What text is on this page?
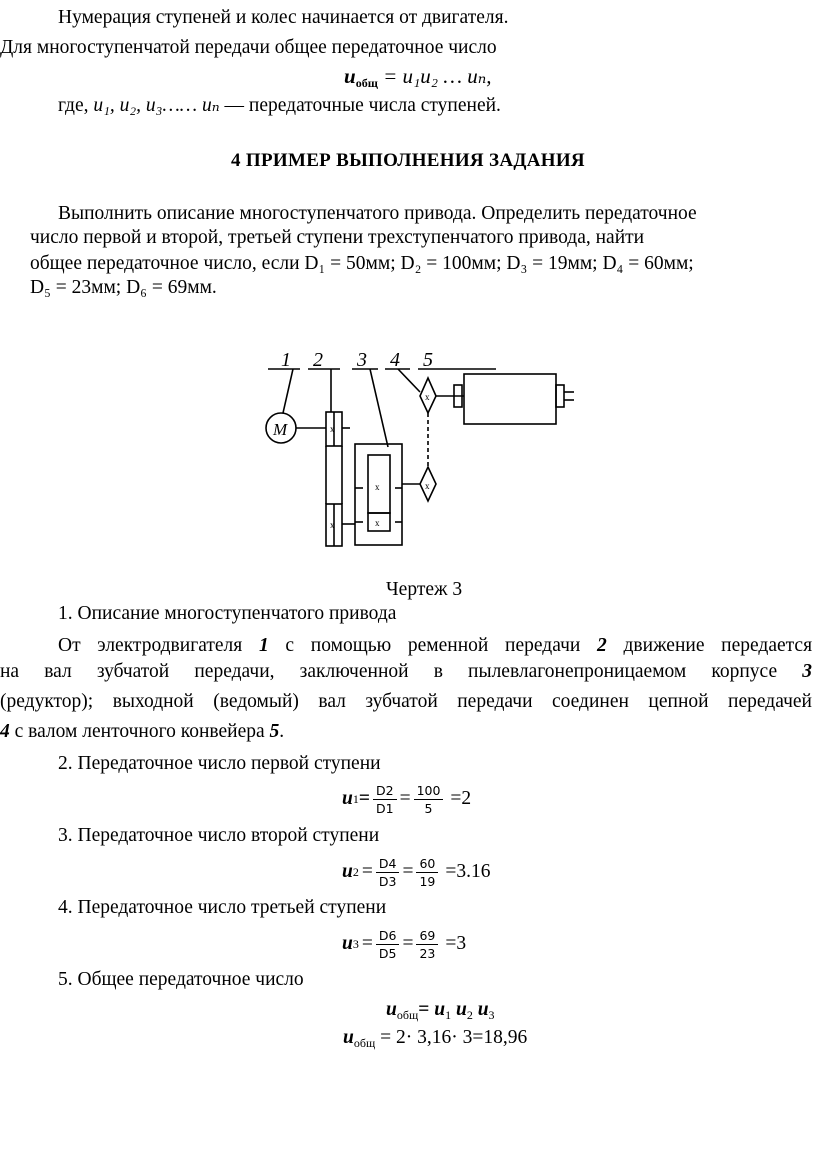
Нумерация ступеней и колес начинается от двигателя.
Для многоступенчатой передачи общее передаточное число
$u_{общ} = u_1u_2$ … uₙ,
где, u₁, u₂, u₃…… uₙ — передаточные числа ступеней.
4 ПРИМЕР ВЫПОЛНЕНИЯ ЗАДАНИЯ
Выполнить описание многоступенчатого привода. Определить передаточное
число первой и второй, третьей ступени трехступенчатого привода, найти
общее передаточное число, если D₁ = 50мм; D₂ = 100мм; D₃ = 19мм; D₄ = 60мм;
D₅ = 23мм; D₆ = 69мм.
1 2 3 4 5
М	x
x
x
x
x
x
Чертеж 3
1. Описание многоступенчатого привода
От электродвигателя 1 с помощью ременной передачи 2 движение передается
на вал зубчатой передачи, заключенной в пылевлагонепроницаемом корпусе 3
(редуктор); выходной (ведомый) вал зубчатой передачи соединен цепной передачей
4 с валом ленточного конвейера 5.
2. Передаточное число первой ступени
u $1 = \frac{D2}{D1} = \frac{100}{5} =2$
3. Передаточное число второй ступени
u $2 = \frac{D4}{D3} = \frac{60}{19} =3.16$
4. Передаточное число третьей ступени
u $3 = \frac{D6}{D5} = \frac{69}{23} =3$
5. Общее передаточное число
$u_{общ}= u_1$ $u_2$ $u_3$
$u_{общ} = 2\cdot 3,16\cdot 3=18,96$
